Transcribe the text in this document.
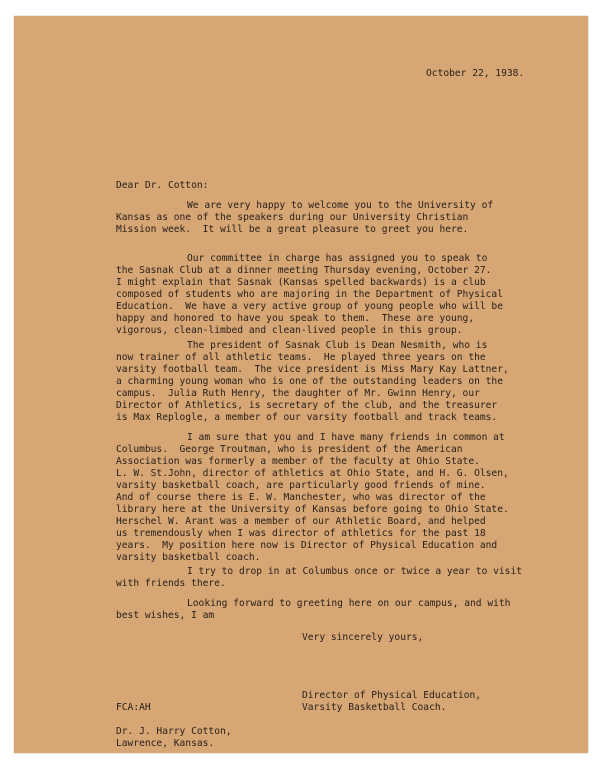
October 22, 1938.
Dear Dr. Cotton:
We are very happy to welcome you to the University of
Kansas as one of the speakers during our University Christian
Mission week.  It will be a great pleasure to greet you here.
Our committee in charge has assigned you to speak to
the Sasnak Club at a dinner meeting Thursday evening, October 27.
I might explain that Sasnak (Kansas spelled backwards) is a club
composed of students who are majoring in the Department of Physical
Education.  We have a very active group of young people who will be
happy and honored to have you speak to them.  These are young,
vigorous, clean-limbed and clean-lived people in this group.
The president of Sasnak Club is Dean Nesmith, who is
now trainer of all athletic teams.  He played three years on the
varsity football team.  The vice president is Miss Mary Kay Lattner,
a charming young woman who is one of the outstanding leaders on the
campus.  Julia Ruth Henry, the daughter of Mr. Gwinn Henry, our
Director of Athletics, is secretary of the club, and the treasurer
is Max Replogle, a member of our varsity football and track teams.
I am sure that you and I have many friends in common at
Columbus.  George Troutman, who is president of the American
Association was formerly a member of the faculty at Ohio State.
L. W. St.John, director of athletics at Ohio State, and H. G. Olsen,
varsity basketball coach, are particularly good friends of mine.
And of course there is E. W. Manchester, who was director of the
library here at the University of Kansas before going to Ohio State.
Herschel W. Arant was a member of our Athletic Board, and helped
us tremendously when I was director of athletics for the past 18
years.  My position here now is Director of Physical Education and
varsity basketball coach.
I try to drop in at Columbus once or twice a year to visit
with friends there.
Looking forward to greeting here on our campus, and with
best wishes, I am
Very sincerely yours,
Director of Physical Education,
Varsity Basketball Coach.
FCA:AH
Dr. J. Harry Cotton,
Lawrence, Kansas.
